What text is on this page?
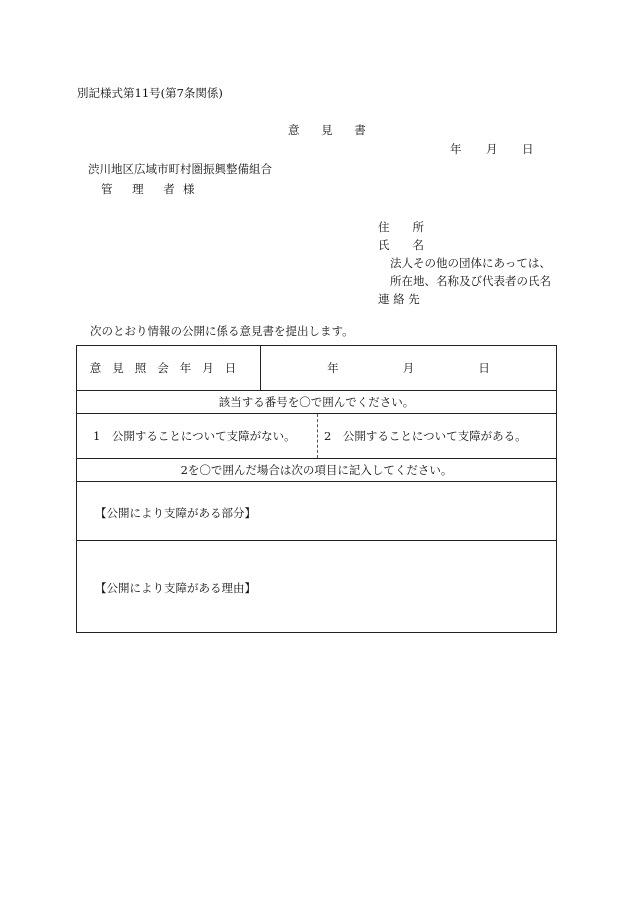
別記様式第11号(第7条関係)
意 見 書
年	月	日
渋川地区広域市町村圏振興整備組合
管 理 者 様
住　　所
氏　　名
法人その他の団体にあっては、
所在地、名称及び代表者の氏名
連 絡 先
次のとおり情報の公開に係る意見書を提出します。
意見照会年月日	年	月	日
該当する番号を〇で囲んでください。

1　公開することについて支障がない。	2　公開することについて支障がある。

2を〇で囲んだ場合は次の項目に記入してください。
【公開により支障がある部分】
【公開により支障がある理由】
